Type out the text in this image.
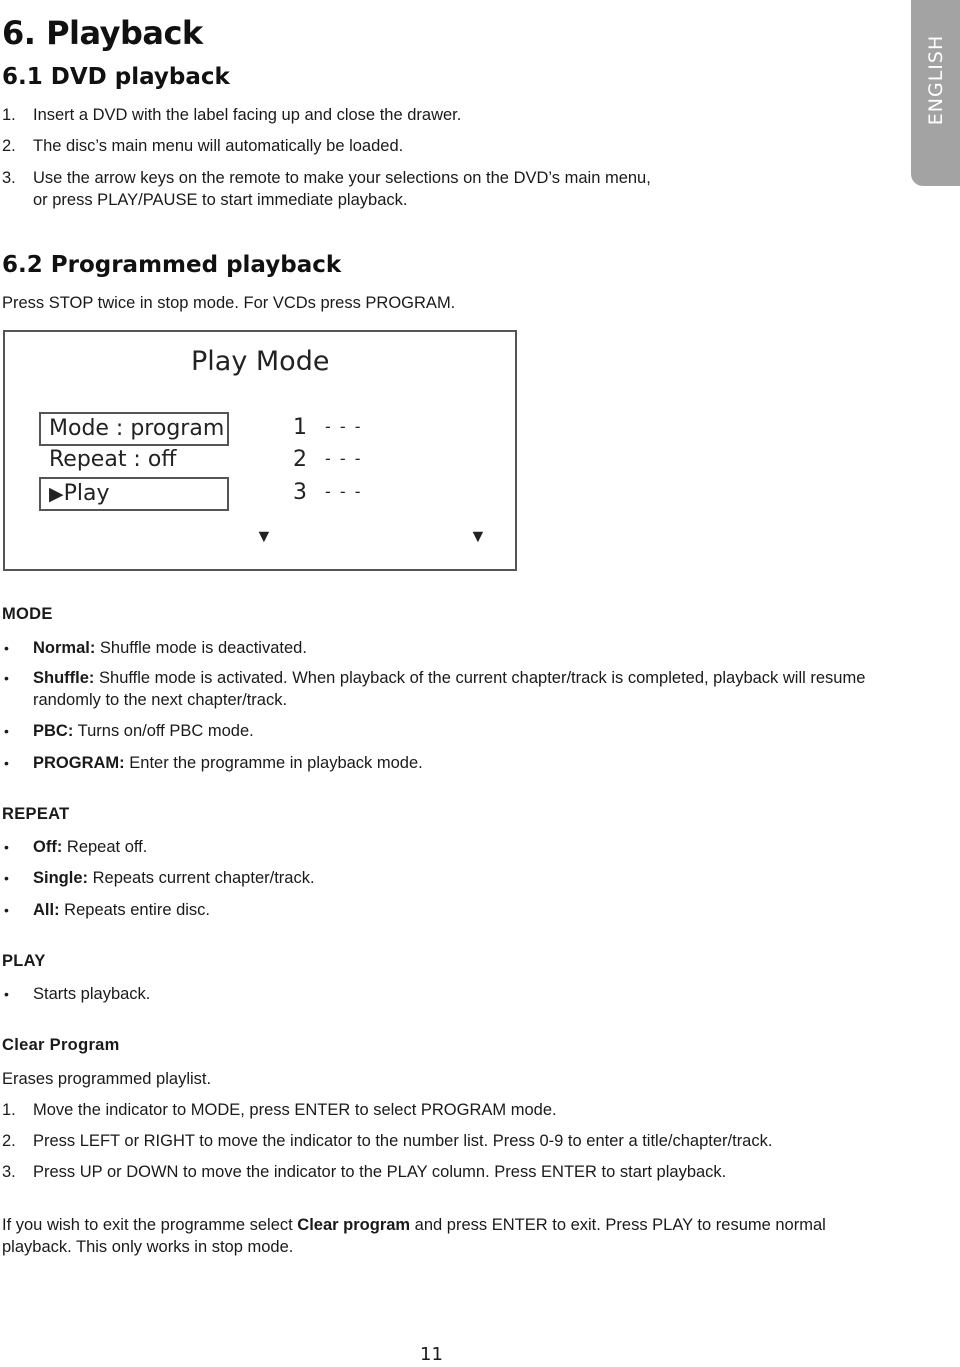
6. Playback
ENGLISH
6.1 DVD playback
1. Insert a DVD with the label facing up and close the drawer.
2. The disc’s main menu will automatically be loaded.
3. Use the arrow keys on the remote to make your selections on the DVD’s main menu,
or press PLAY/PAUSE to start immediate playback.
6.2 Programmed playback

Press STOP twice in stop mode. For VCDs press PROGRAM.

Play Mode
Mode : program
Repeat : off
▶Play
1 - - -
2 - - -
3 - - -
▼	▼
MODE
• Normal: Shuffle mode is deactivated.
• Shuffle: Shuffle mode is activated. When playback of the current chapter/track is completed, playback will resume randomly to the next chapter/track.
• PBC: Turns on/off PBC mode.
• PROGRAM: Enter the programme in playback mode.
REPEAT
• Off: Repeat off.
• Single: Repeats current chapter/track.
• All: Repeats entire disc.
PLAY
• Starts playback.
Clear Program

Erases programmed playlist.

1. Move the indicator to MODE, press ENTER to select PROGRAM mode.
2. Press LEFT or RIGHT to move the indicator to the number list. Press 0-9 to enter a title/chapter/track.
3. Press UP or DOWN to move the indicator to the PLAY column. Press ENTER to start playback.

If you wish to exit the programme select Clear program and press ENTER to exit. Press PLAY to resume normal playback. This only works in stop mode.

11
